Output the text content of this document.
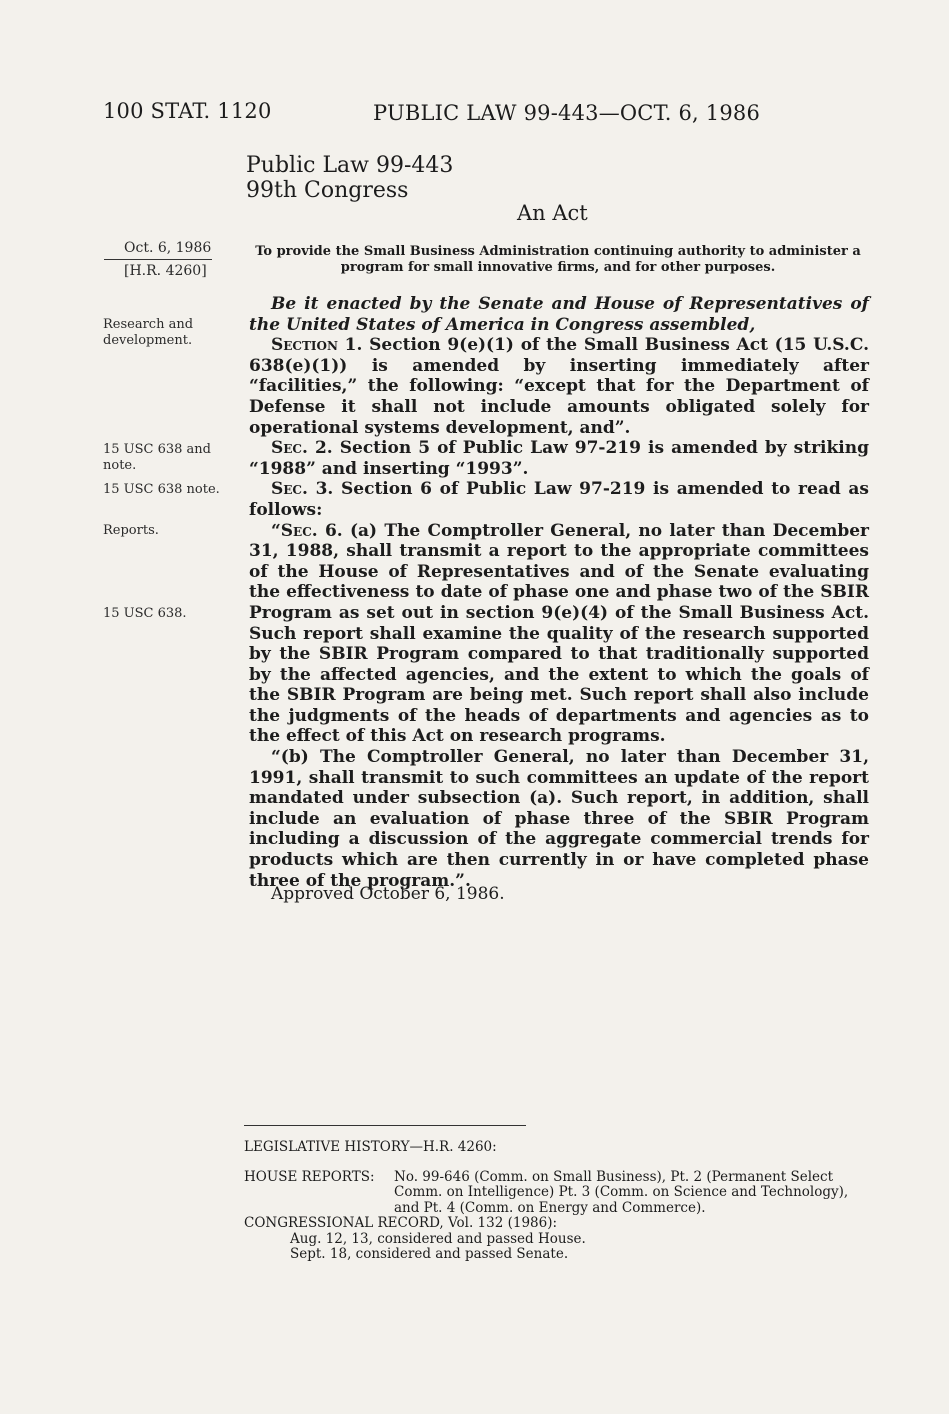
100 STAT. 1120	PUBLIC LAW 99-443—OCT. 6, 1986
Public Law 99-443
99th Congress
An Act
Oct. 6, 1986
[H.R. 4260]
To provide the Small Business Administration continuing authority to administer a program for small innovative firms, and for other purposes.
Research and development.
15 USC 638 and note.
15 USC 638 note.
Reports.
15 USC 638.

Be it enacted by the Senate and House of Representatives of the United States of America in Congress assembled,

Section 1. Section 9(e)(1) of the Small Business Act (15 U.S.C. 638(e)(1)) is amended by inserting immediately after “facilities,” the following: “except that for the Department of Defense it shall not include amounts obligated solely for operational systems development, and”.

Sec. 2. Section 5 of Public Law 97-219 is amended by striking “1988” and inserting “1993”.

Sec. 3. Section 6 of Public Law 97-219 is amended to read as follows:

“Sec. 6. (a) The Comptroller General, no later than December 31, 1988, shall transmit a report to the appropriate committees of the House of Representatives and of the Senate evaluating the effectiveness to date of phase one and phase two of the SBIR Program as set out in section 9(e)(4) of the Small Business Act. Such report shall examine the quality of the research supported by the SBIR Program compared to that traditionally supported by the affected agencies, and the extent to which the goals of the SBIR Program are being met. Such report shall also include the judgments of the heads of departments and agencies as to the effect of this Act on research programs.

“(b) The Comptroller General, no later than December 31, 1991, shall transmit to such committees an update of the report mandated under subsection (a). Such report, in addition, shall include an evaluation of phase three of the SBIR Program including a discussion of the aggregate commercial trends for products which are then currently in or have completed phase three of the program.”.

Approved October 6, 1986.
LEGISLATIVE HISTORY—H.R. 4260:
HOUSE REPORTS:	No. 99-646 (Comm. on Small Business), Pt. 2 (Permanent Select Comm. on Intelligence) Pt. 3 (Comm. on Science and Technology), and Pt. 4 (Comm. on Energy and Commerce).
CONGRESSIONAL RECORD, Vol. 132 (1986):
Aug. 12, 13, considered and passed House.
Sept. 18, considered and passed Senate.
